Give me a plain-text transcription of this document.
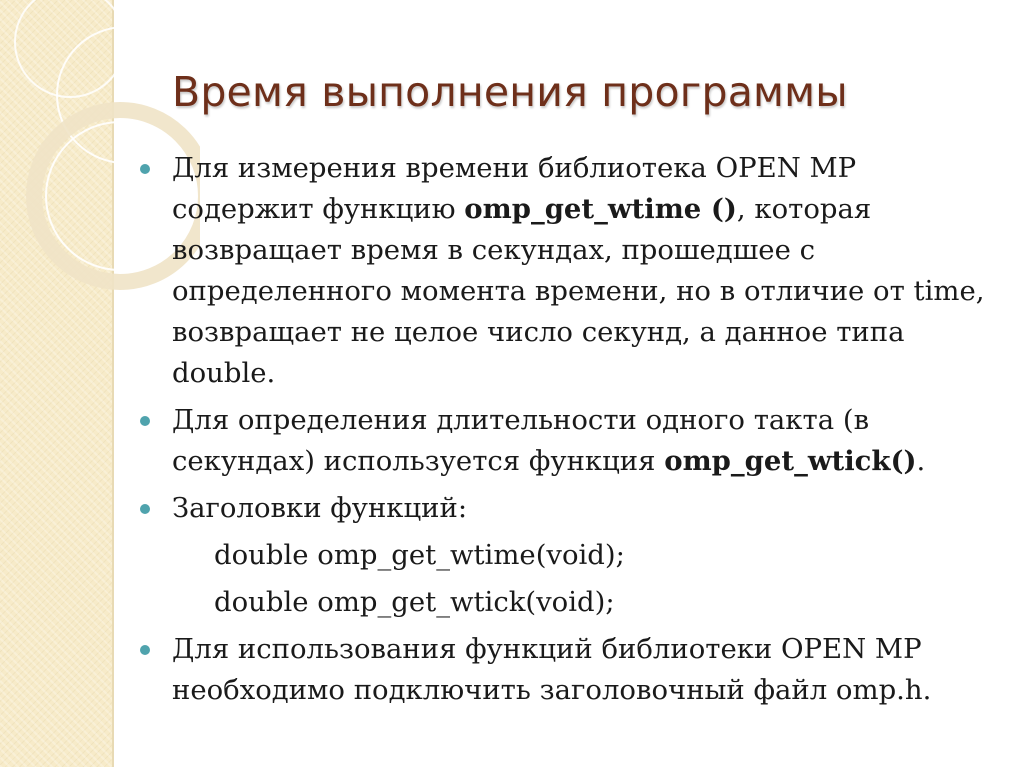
Время выполнения программы
Для измерения времени библиотека OPEN MP содержит функцию omp_get_wtime (), которая возвращает время в секундах, прошедшее с определенного момента времени, но в отличие от time, возвращает не целое число секунд, а данное типа double.
Для определения длительности одного такта (в секундах) используется функция omp_get_wtick().
Заголовки функций:
double omp_get_wtime(void);
double omp_get_wtick(void);
Для использования функций библиотеки OPEN MP необходимо подключить заголовочный файл omp.h.
